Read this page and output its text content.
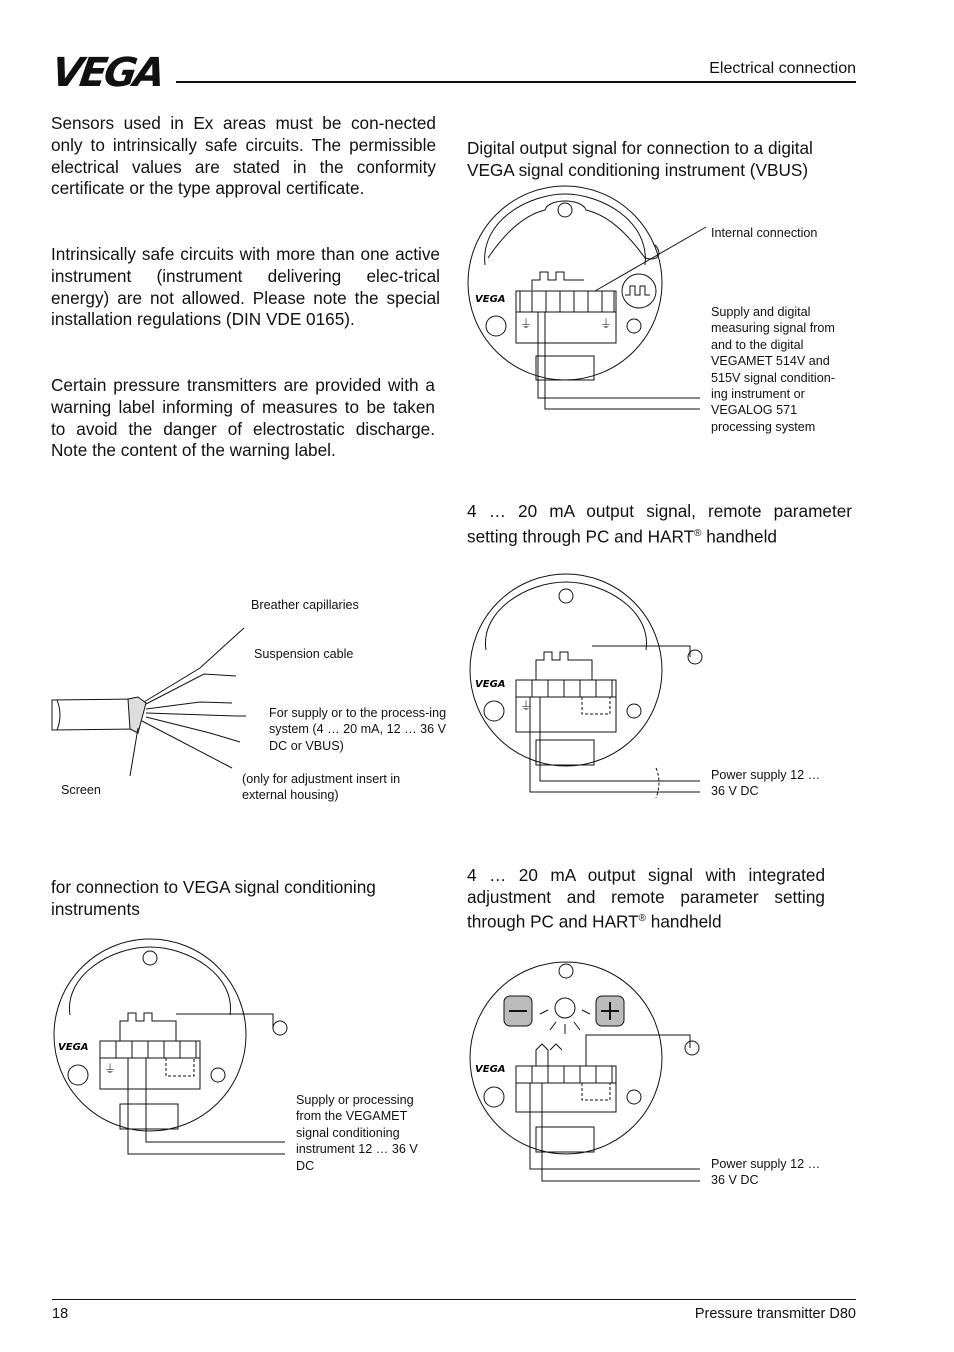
VEGA	Electrical connection
Sensors used in Ex areas must be con-nected only to intrinsically safe circuits. The permissible electrical values are stated in the conformity certificate or the type approval certificate.
Intrinsically safe circuits with more than one active instrument (instrument delivering elec-trical energy) are not allowed. Please note the special installation regulations (DIN VDE 0165).
Certain pressure transmitters are provided with a warning label informing of measures to be taken to avoid the danger of electrostatic discharge. Note the content of the warning label.
Digital output signal for connection to a digital VEGA signal conditioning instrument (VBUS)
4 … 20 mA output signal, remote parameter setting through PC and HART® handheld
4 … 20 mA output signal with integrated adjustment and remote parameter setting through PC and HART® handheld
for connection to VEGA signal conditioning instruments
Internal connection
Supply and digital measuring signal from and to the digital VEGAMET 514V and 515V signal condition-ing instrument or VEGALOG 571 processing system
Power supply 12 … 36 V DC
Power supply 12 … 36 V DC
Supply or processing from the VEGAMET signal conditioning instrument 12 … 36 V DC
Breather capillaries
Suspension cable
For supply or to the process-ing system (4 … 20 mA, 12 … 36 V DC or VBUS)
(only for adjustment insert in external housing)
Screen
VEGA
⏚	⏚
VEGA
⏚
VEGA
⏚	VEGA
18	Pressure transmitter D80
